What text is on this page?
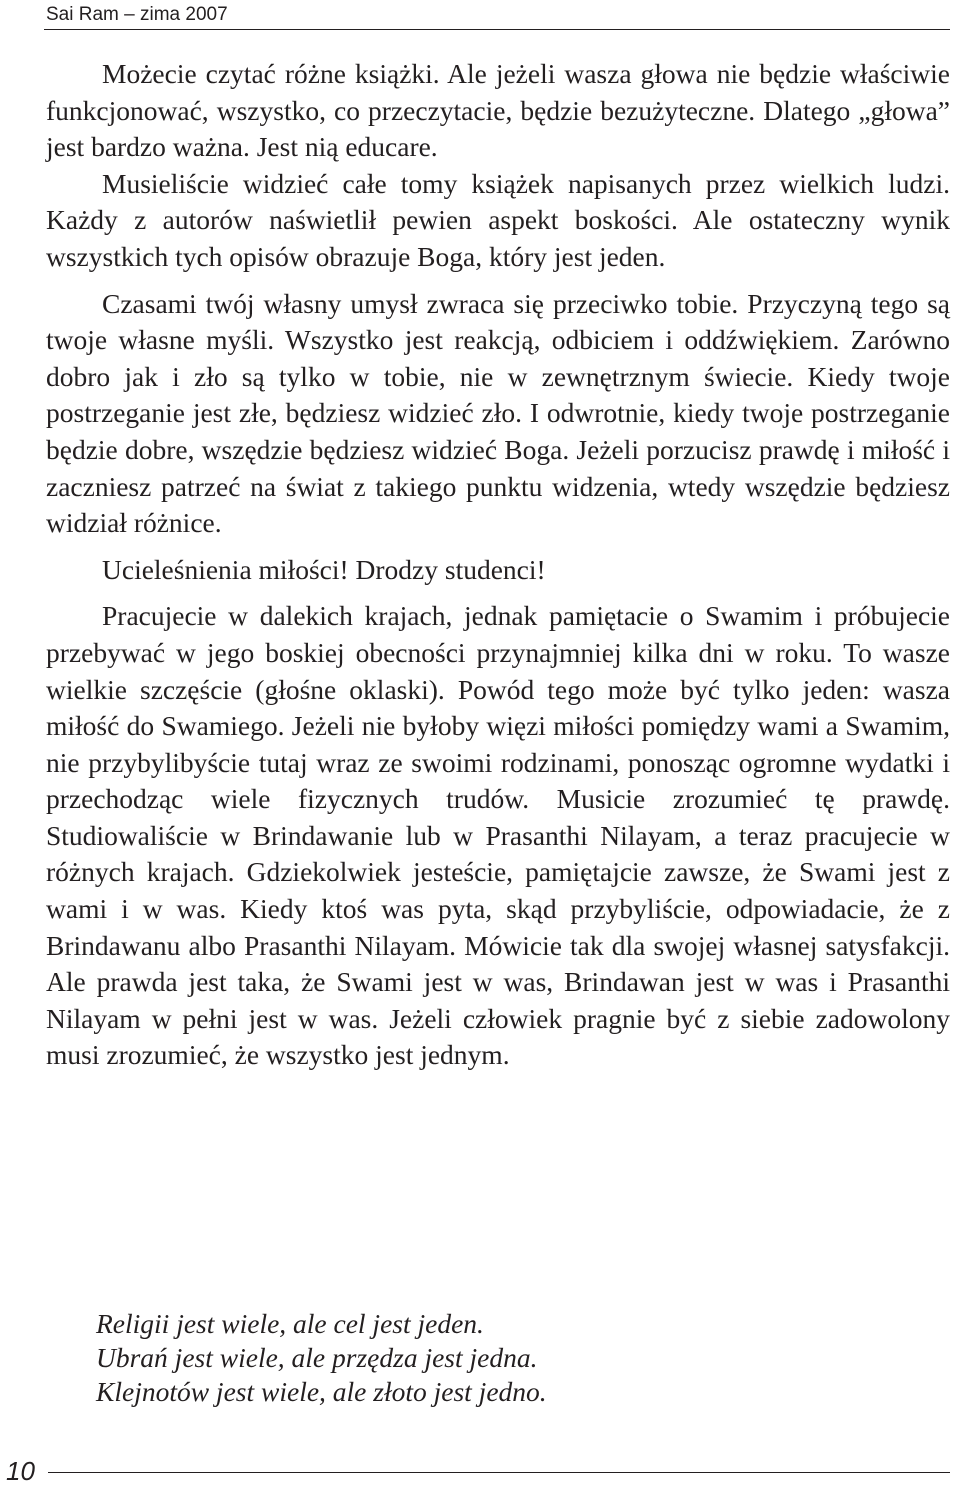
Sai Ram – zima 2007

Możecie czytać różne książki. Ale jeżeli wasza głowa nie będzie właściwie funkcjonować, wszystko, co przeczytacie, będzie bezużyteczne. Dlatego „głowa” jest bardzo ważna. Jest nią educare.

Musieliście widzieć całe tomy książek napisanych przez wielkich ludzi. Każdy z autorów naświetlił pewien aspekt boskości. Ale ostateczny wynik wszystkich tych opisów obrazuje Boga, który jest jeden.

Czasami twój własny umysł zwraca się przeciwko tobie. Przyczyną tego są twoje własne myśli. Wszystko jest reakcją, odbiciem i oddźwiękiem. Zarówno dobro jak i zło są tylko w tobie, nie w zewnętrznym świecie. Kiedy twoje postrzeganie jest złe, będziesz widzieć zło. I odwrotnie, kiedy twoje postrzeganie będzie dobre, wszędzie będziesz widzieć Boga. Jeżeli porzucisz prawdę i miłość i zaczniesz patrzeć na świat z takiego punktu widzenia, wtedy wszędzie będziesz widział różnice.

Ucieleśnienia miłości! Drodzy studenci!

Pracujecie w dalekich krajach, jednak pamiętacie o Swamim i próbujecie przebywać w jego boskiej obecności przynajmniej kilka dni w roku. To wasze wielkie szczęście (głośne oklaski). Powód tego może być tylko jeden: wasza miłość do Swamiego. Jeżeli nie byłoby więzi miłości pomiędzy wami a Swamim, nie przybylibyście tutaj wraz ze swoimi rodzinami, ponosząc ogromne wydatki i przechodząc wiele fizycznych trudów. Musicie zrozumieć tę prawdę. Studiowaliście w Brindawanie lub w Prasanthi Nilayam, a teraz pracujecie w różnych krajach. Gdziekolwiek jesteście, pamiętajcie zawsze, że Swami jest z wami i w was. Kiedy ktoś was pyta, skąd przybyliście, odpowiadacie, że z Brindawanu albo Prasanthi Nilayam. Mówicie tak dla swojej własnej satysfakcji. Ale prawda jest taka, że Swami jest w was, Brindawan jest w was i Prasanthi Nilayam w pełni jest w was. Jeżeli człowiek pragnie być z siebie zadowolony musi zrozumieć, że wszystko jest jednym.

Religii jest wiele, ale cel jest jeden.
Ubrań jest wiele, ale przędza jest jedna.
Klejnotów jest wiele, ale złoto jest jedno.
10
